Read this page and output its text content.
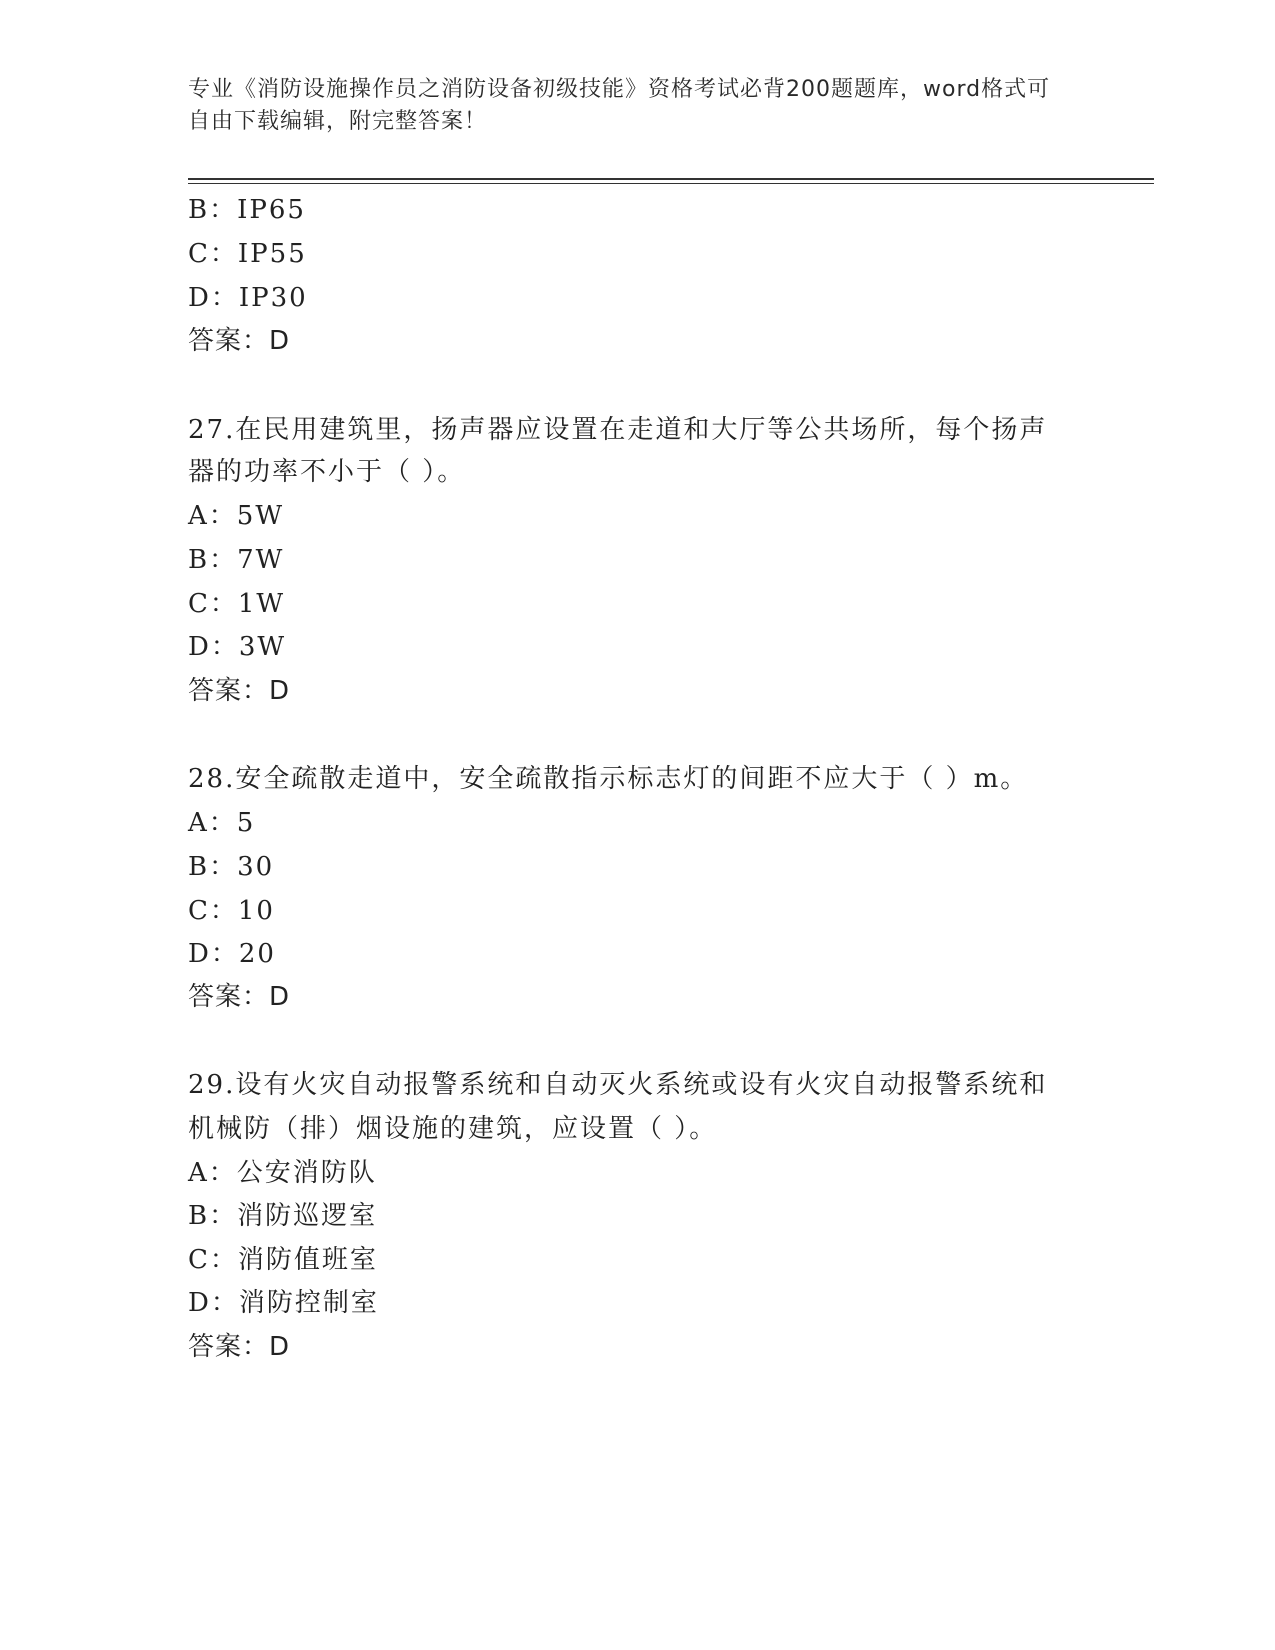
专业《消防设施操作员之消防设备初级技能》资格考试必背200题题库，word格式可自由下载编辑，附完整答案！
B：IP65
C：IP55
D：IP30
答案：D
27.在民用建筑里，扬声器应设置在走道和大厅等公共场所，每个扬声
器的功率不小于（ ）。
A：5W
B：7W
C：1W
D：3W
答案：D
28.安全疏散走道中，安全疏散指示标志灯的间距不应大于（ ）m。
A：5
B：30
C：10
D：20
答案：D
29.设有火灾自动报警系统和自动灭火系统或设有火灾自动报警系统和
机械防（排）烟设施的建筑，应设置（ ）。
A：公安消防队
B：消防巡逻室
C：消防值班室
D：消防控制室
答案：D
